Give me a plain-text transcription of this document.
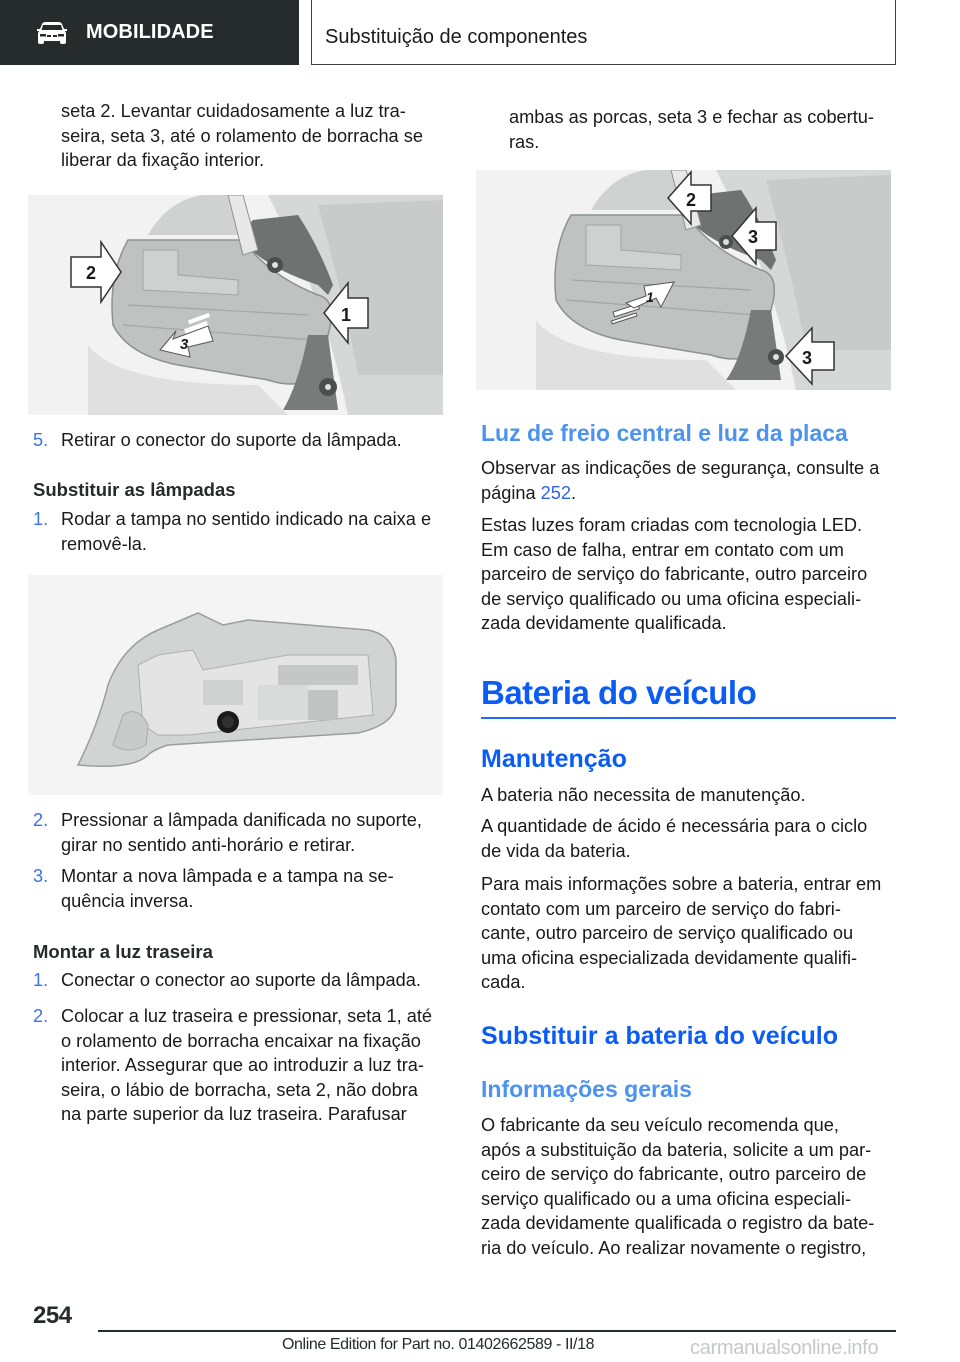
MOBILIDADE	Substituição de componentes
seta 2. Levantar cuidadosamente a luz tra-
seira, seta 3, até o rolamento de borracha se
liberar da fixação interior.
2
1
3
5. Retirar o conector do suporte da lâmpada.
Substituir as lâmpadas
1. Rodar a tampa no sentido indicado na caixa e
removê-la.
2. Pressionar a lâmpada danificada no suporte,
girar no sentido anti-horário e retirar.
3. Montar a nova lâmpada e a tampa na se-
quência inversa.
Montar a luz traseira
1. Conectar o conector ao suporte da lâmpada.
2. Colocar a luz traseira e pressionar, seta 1, até
o rolamento de borracha encaixar na fixação
interior. Assegurar que ao introduzir a luz tra-
seira, o lábio de borracha, seta 2, não dobra
na parte superior da luz traseira. Parafusar
ambas as porcas, seta 3 e fechar as cobertu-
ras.
2
3
3
1
Luz de freio central e luz da placa
Observar as indicações de segurança, consulte a
página 252.
Estas luzes foram criadas com tecnologia LED.
Em caso de falha, entrar em contato com um
parceiro de serviço do fabricante, outro parceiro
de serviço qualificado ou uma oficina especiali-
zada devidamente qualificada.
Bateria do veículo
Manutenção
A bateria não necessita de manutenção.
A quantidade de ácido é necessária para o ciclo
de vida da bateria.
Para mais informações sobre a bateria, entrar em
contato com um parceiro de serviço do fabri-
cante, outro parceiro de serviço qualificado ou
uma oficina especializada devidamente qualifi-
cada.
Substituir a bateria do veículo
Informações gerais
O fabricante da seu veículo recomenda que,
após a substituição da bateria, solicite a um par-
ceiro de serviço do fabricante, outro parceiro de
serviço qualificado ou a uma oficina especiali-
zada devidamente qualificada o registro da bate-
ria do veículo. Ao realizar novamente o registro,
254
Online Edition for Part no. 01402662589 - II/18	carmanualsonline.info
